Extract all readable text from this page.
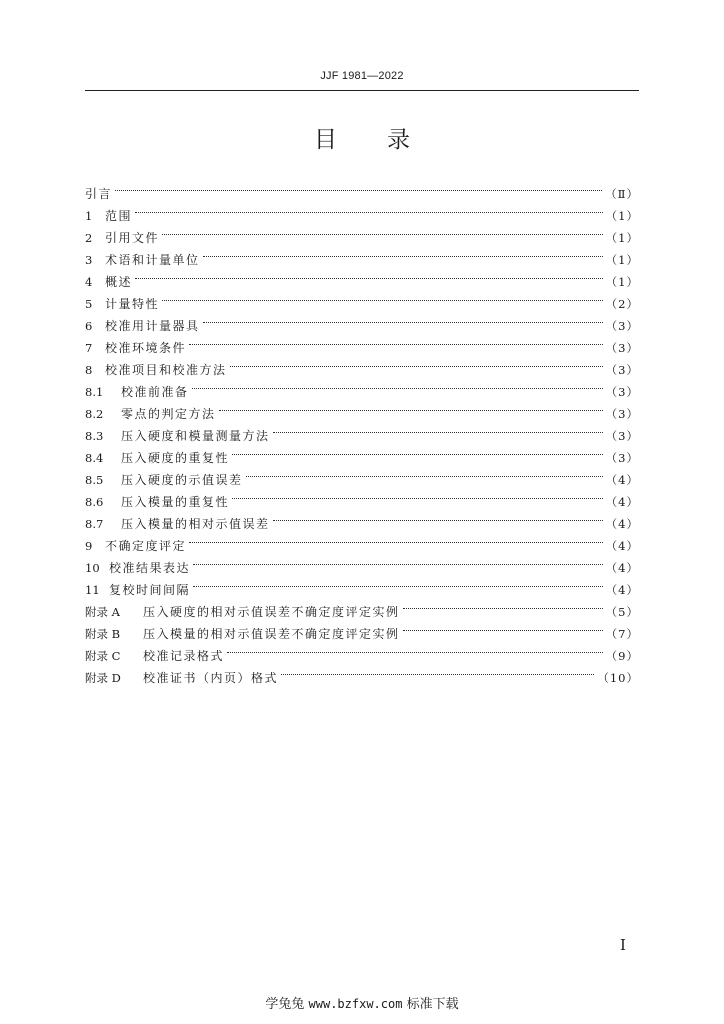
JJF 1981—2022
目录
引言	（Ⅱ）
1	范围	（1）
2	引用文件	（1）
3	术语和计量单位	（1）
4	概述	（1）
5	计量特性	（2）
6	校准用计量器具	（3）
7	校准环境条件	（3）
8	校准项目和校准方法	（3）
8.1	校准前准备	（3）
8.2	零点的判定方法	（3）
8.3	压入硬度和模量测量方法	（3）
8.4	压入硬度的重复性	（3）
8.5	压入硬度的示值误差	（4）
8.6	压入模量的重复性	（4）
8.7	压入模量的相对示值误差	（4）
9	不确定度评定	（4）
10 校准结果表达	（4）
11 复校时间间隔	（4）
附录 A	压入硬度的相对示值误差不确定度评定实例	（5）
附录 B	压入模量的相对示值误差不确定度评定实例	（7）
附录 C	校准记录格式	（9）
附录 D	校准证书（内页）格式	（10）
I
学兔兔 www.bzfxw.com 标准下载
